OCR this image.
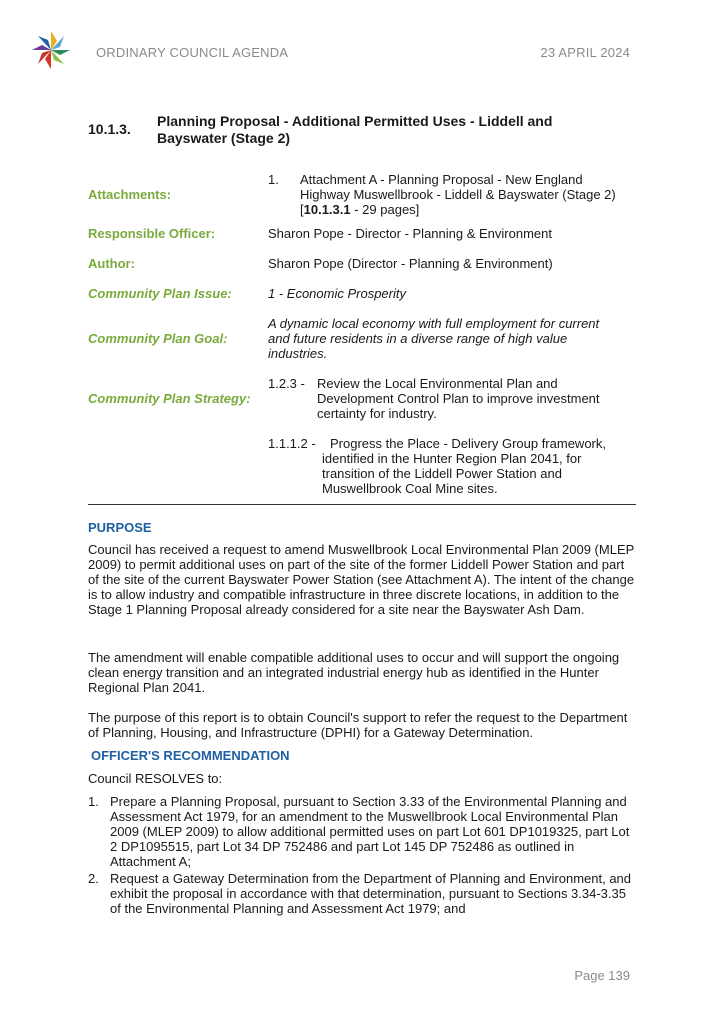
ORDINARY COUNCIL AGENDA	23 APRIL 2024
10.1.3. Planning Proposal - Additional Permitted Uses - Liddell and Bayswater (Stage 2)
Attachments:
1. Attachment A - Planning Proposal - New England
Highway Muswellbrook - Liddell & Bayswater (Stage 2)
[10.1.3.1 - 29 pages]
Responsible Officer:	Sharon Pope - Director - Planning & Environment
Author:	Sharon Pope (Director - Planning & Environment)
Community Plan Issue:	1 - Economic Prosperity
Community Plan Goal:
A dynamic local economy with full employment for current and future residents in a diverse range of high value industries.
Community Plan Strategy:
1.2.3 - Review the Local Environmental Plan and Development Control Plan to improve investment certainty for industry.
1.1.1.2 - Progress the Place - Delivery Group framework,
identified in the Hunter Region Plan 2041, for transition of the Liddell Power Station and Muswellbrook Coal Mine sites.
PURPOSE
Council has received a request to amend Muswellbrook Local Environmental Plan 2009 (MLEP 2009) to permit additional uses on part of the site of the former Liddell Power Station and part of the site of the current Bayswater Power Station (see Attachment A). The intent of the change is to allow industry and compatible infrastructure in three discrete locations, in addition to the Stage 1 Planning Proposal already considered for a site near the Bayswater Ash Dam.
The amendment will enable compatible additional uses to occur and will support the ongoing clean energy transition and an integrated industrial energy hub as identified in the Hunter Regional Plan 2041.
The purpose of this report is to obtain Council's support to refer the request to the Department of Planning, Housing, and Infrastructure (DPHI) for a Gateway Determination.
OFFICER'S RECOMMENDATION
Council RESOLVES to:
1. Prepare a Planning Proposal, pursuant to Section 3.33 of the Environmental Planning and Assessment Act 1979, for an amendment to the Muswellbrook Local Environmental Plan 2009 (MLEP 2009) to allow additional permitted uses on part Lot 601 DP1019325, part Lot 2 DP1095515, part Lot 34 DP 752486 and part Lot 145 DP 752486 as outlined in Attachment A;
2. Request a Gateway Determination from the Department of Planning and Environment, and exhibit the proposal in accordance with that determination, pursuant to Sections 3.34-3.35 of the Environmental Planning and Assessment Act 1979; and
Page 139
